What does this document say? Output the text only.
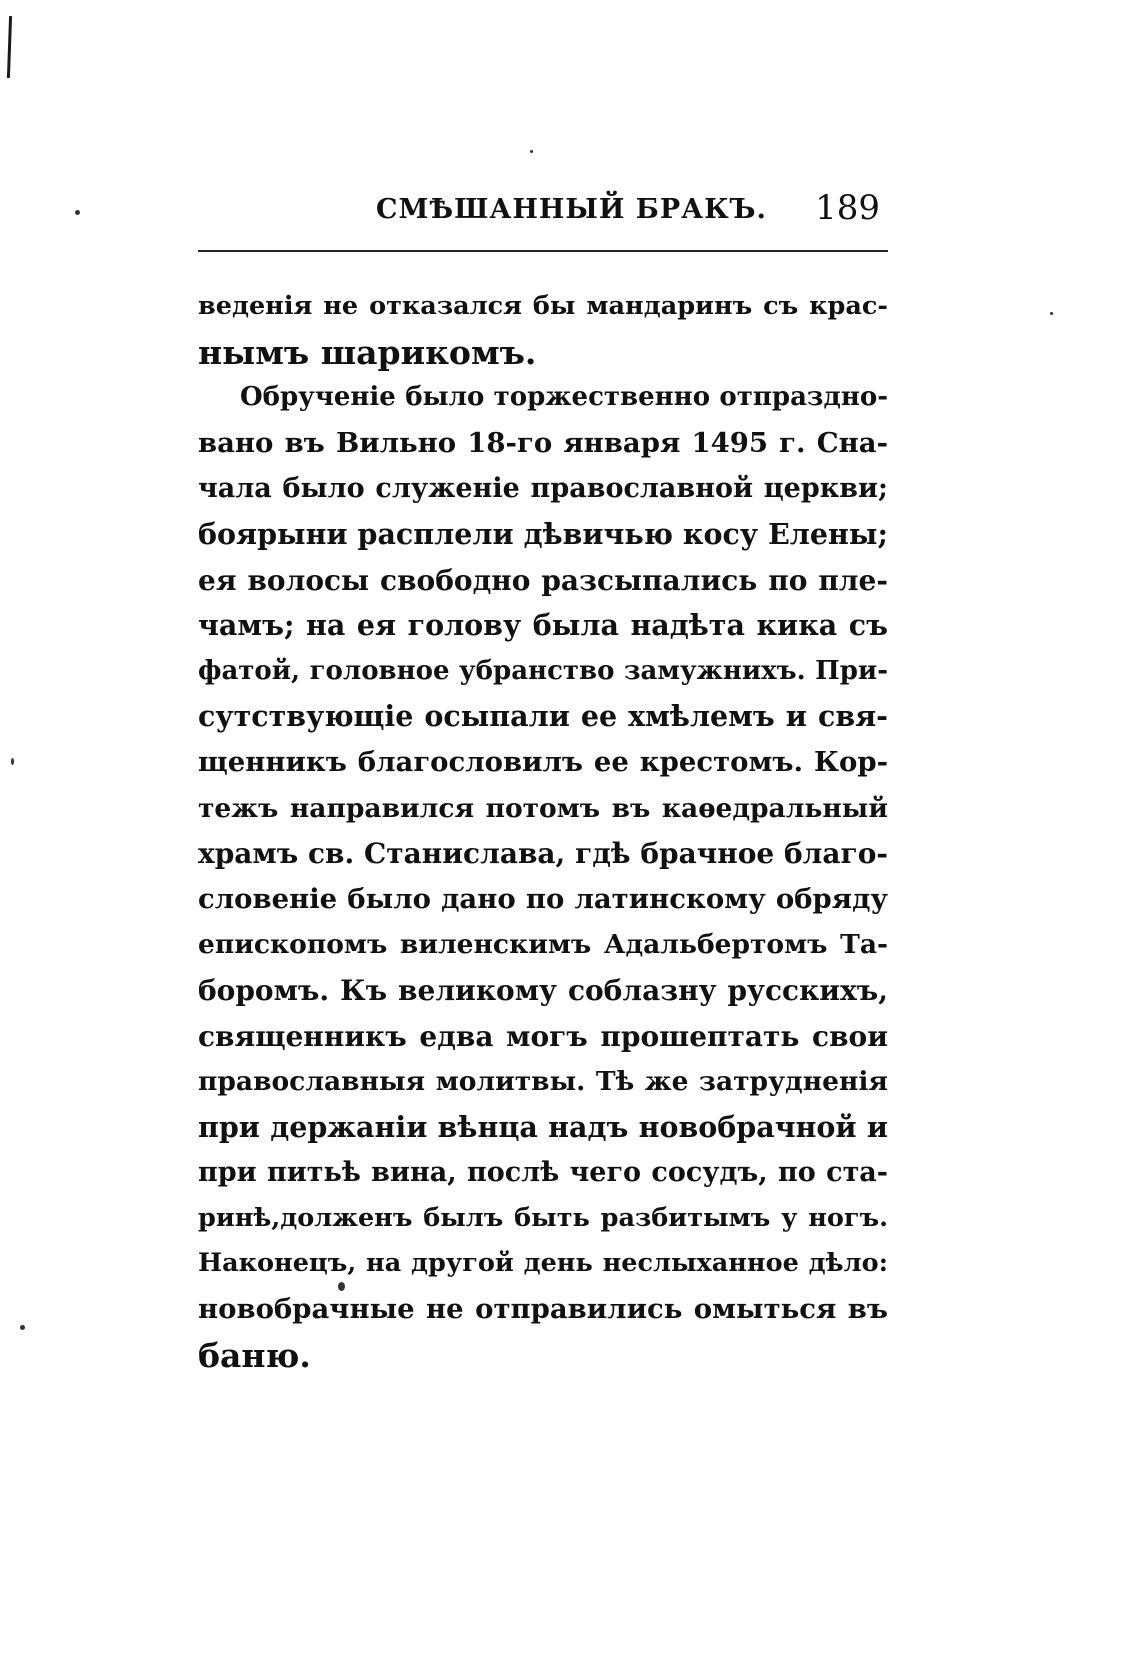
СМѢШАННЫЙ БРАКЪ. 189
веденія не отказался бы мандаринъ съ крас-
нымъ шарикомъ.
Обрученіе было торжественно отпраздно-
вано въ Вильно 18-го января 1495 г. Сна-
чала было служеніе православной церкви;
боярыни расплели дѣвичью косу Елены;
ея волосы свободно разсыпались по пле-
чамъ; на ея голову была надѣта кика съ
фатой, головное убранство замужнихъ. При-
сутствующіе осыпали ее хмѣлемъ и свя-
щенникъ благословилъ ее крестомъ. Кор-
тежъ направился потомъ въ каѳедральный
храмъ св. Станислава, гдѣ брачное благо-
словеніе было дано по латинскому обряду
епископомъ виленскимъ Адальбертомъ Та-
боромъ. Къ великому соблазну русскихъ,
священникъ едва могъ прошептать свои
православныя молитвы. Тѣ же затрудненія
при держаніи вѣнца надъ новобрачной и
при питьѣ вина, послѣ чего сосудъ, по ста-
ринѣ,долженъ былъ быть разбитымъ у ногъ.
Наконецъ, на другой день неслыханное дѣло:
новобрачные не отправились омыться въ
баню.
